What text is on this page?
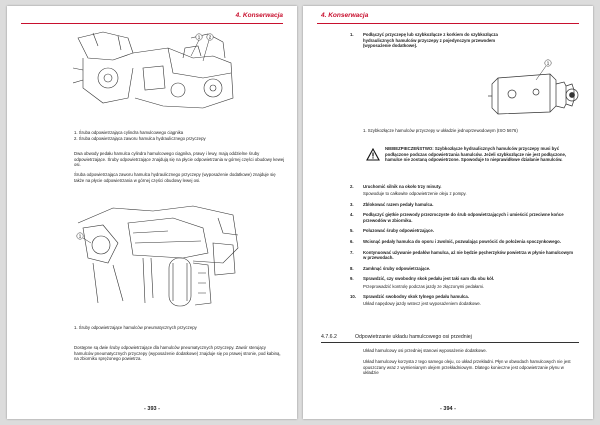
4. Konserwacja
1 2
1. Śruba odpowietrzająca cylindra hamulcowego ciągnika
2. Śruba odpowietrzająca zaworu hamulca hydraulicznego przyczepy
Dwa obwody pedału hamulca cylindra hamulcowego ciągnika, prawy i lewy, mają oddzielne śruby odpowietrzające. Śruby odpowietrzające znajdują się na płycie odpowietrzania w górnej części obudowy kewej osi.
Śruba odpowietrzająca zaworu hamulca hydraulicznego przyczepy (wyposażenie dodatkowe) znajduje się także na płycie odpowietrzania w górnej części obudowy lewej osi.
1
1. Śruby odpowietrzające hamulców pneumatycznych przyczepy
Dostępne są dwie śruby odpowietrzające dla hamulców pneumatycznych przyczepy. Zawór sterujący hamulców pneumatycznych przyczepy (wyposażenie dodatkowe) znajduje się po prawej stronie, pod kabiną, na zbiorniku sprężonego powietrza.
- 393 -
4. Konserwacja
1. Podłączyć przyczepę lub szybkozłącze z korkiem do szybkozłącza hydraulicznych hamulców przyczepy z pojedynczym przewodem (wyposażenie dodatkowe).
1
1. Szybkozłącze hamulców przyczepy w układzie jednoprzewodowym (ISO 5676)
NIEBEZPIECZEŃSTWO: Szybkozłącze hydraulicznych hamulców przyczepy musi być podłączone podczas odpowietrzania hamulców. Jeżeli szybkozłącze nie jest podłączone, hamulce nie zostaną odpowietrzone. Spowoduje to nieprawidłowe działanie hamulców.
2. Uruchomić silnik na około trzy minuty.
Spowoduje to całkowite odpowietrzenie oleju z pompy.
3. Zblokować razem pedały hamulca.
4. Podłączyć giętkie przewody przezroczyste do śrub odpowietrzających i umieścić przeciwne końce przewodów w zbiorniku.
5. Poluzować śruby odpowietrzające.
6. Wcisnąć pedały hamulca do oporu i zwolnić, pozwalając powrócić do położenia spoczynkowego.
7. Kontynuować używanie pedałów hamulca, aż nie będzie pęcherzyków powietrza w płynie hamulcowym w przewodach.
8. Zamknąć śruby odpowietrzające.
9. Sprawdzić, czy swobodny skok pedału jest taki sam dla obu kół.
Przeprowadzić kontrolę podczas jazdy ze złączonymi pedałami.
10. Sprawdzić swobodny skok tylnego pedału hamulca.
Układ napędowy jazdy wstecz jest wyposażeniem dodatkowe.
4.7.6.2	Odpowietrzanie układu hamulcowego osi przedniej
Układ hamulcowy osi przedniej stanowi wyposażenie dodatkowe.
Układ hamulcowy korzysta z tego samego oleju, co układ przekładni. Płyn w obwodach hamulcowych nie jest opuszczany wraz z wymienianym olejem przekładniowym. Dlatego konieczne jest odpowietrzanie płynu w układzie
- 394 -
